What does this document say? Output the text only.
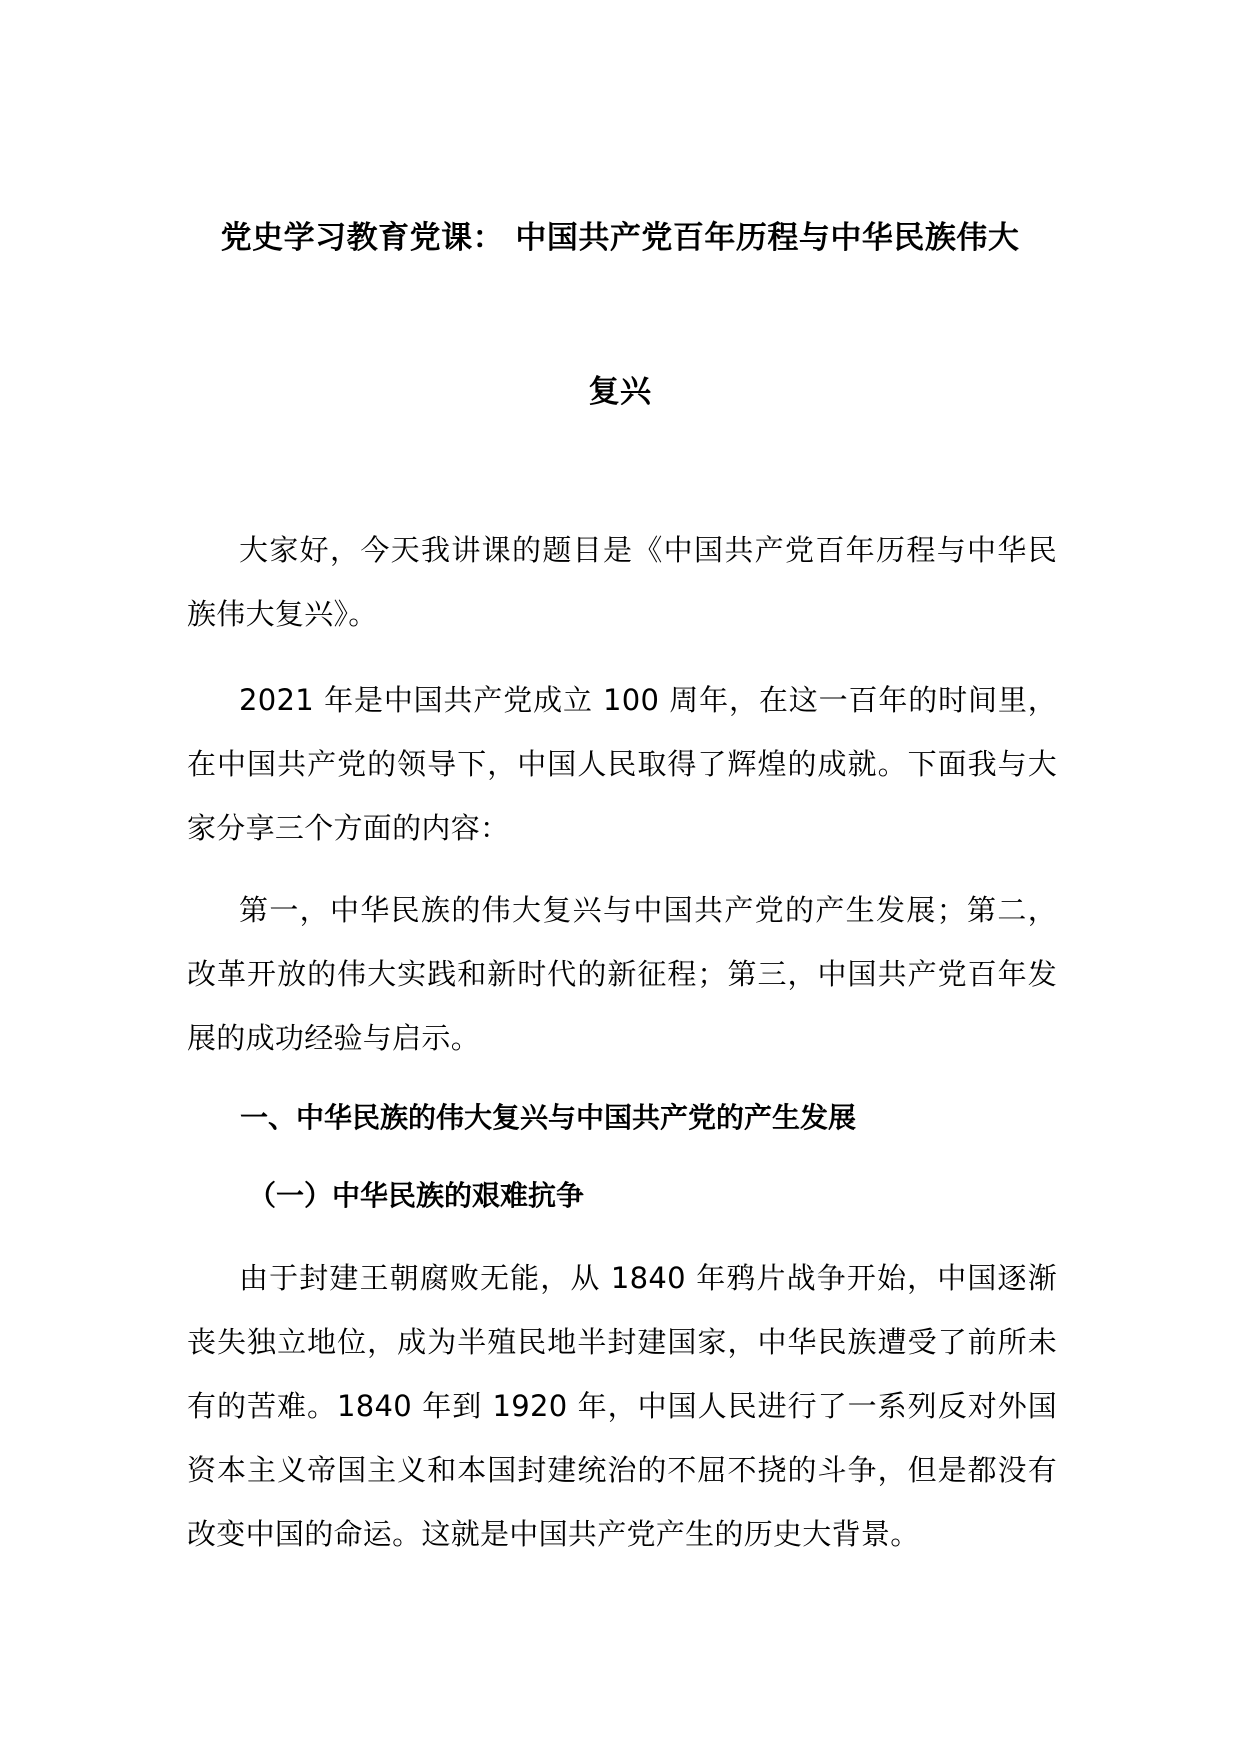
党史学习教育党课： 中国共产党百年历程与中华民族伟大
复兴

大家好，今天我讲课的题目是《中国共产党百年历程与中华民族伟大复兴》。

2021 年是中国共产党成立 100 周年，在这一百年的时间里，在中国共产党的领导下，中国人民取得了辉煌的成就。下面我与大家分享三个方面的内容：

第一，中华民族的伟大复兴与中国共产党的产生发展；第二，改革开放的伟大实践和新时代的新征程；第三，中国共产党百年发展的成功经验与启示。

一、中华民族的伟大复兴与中国共产党的产生发展
（一）中华民族的艰难抗争

由于封建王朝腐败无能，从 1840 年鸦片战争开始，中国逐渐丧失独立地位，成为半殖民地半封建国家，中华民族遭受了前所未有的苦难。1840 年到 1920 年，中国人民进行了一系列反对外国资本主义帝国主义和本国封建统治的不屈不挠的斗争，但是都没有改变中国的命运。这就是中国共产党产生的历史大背景。
